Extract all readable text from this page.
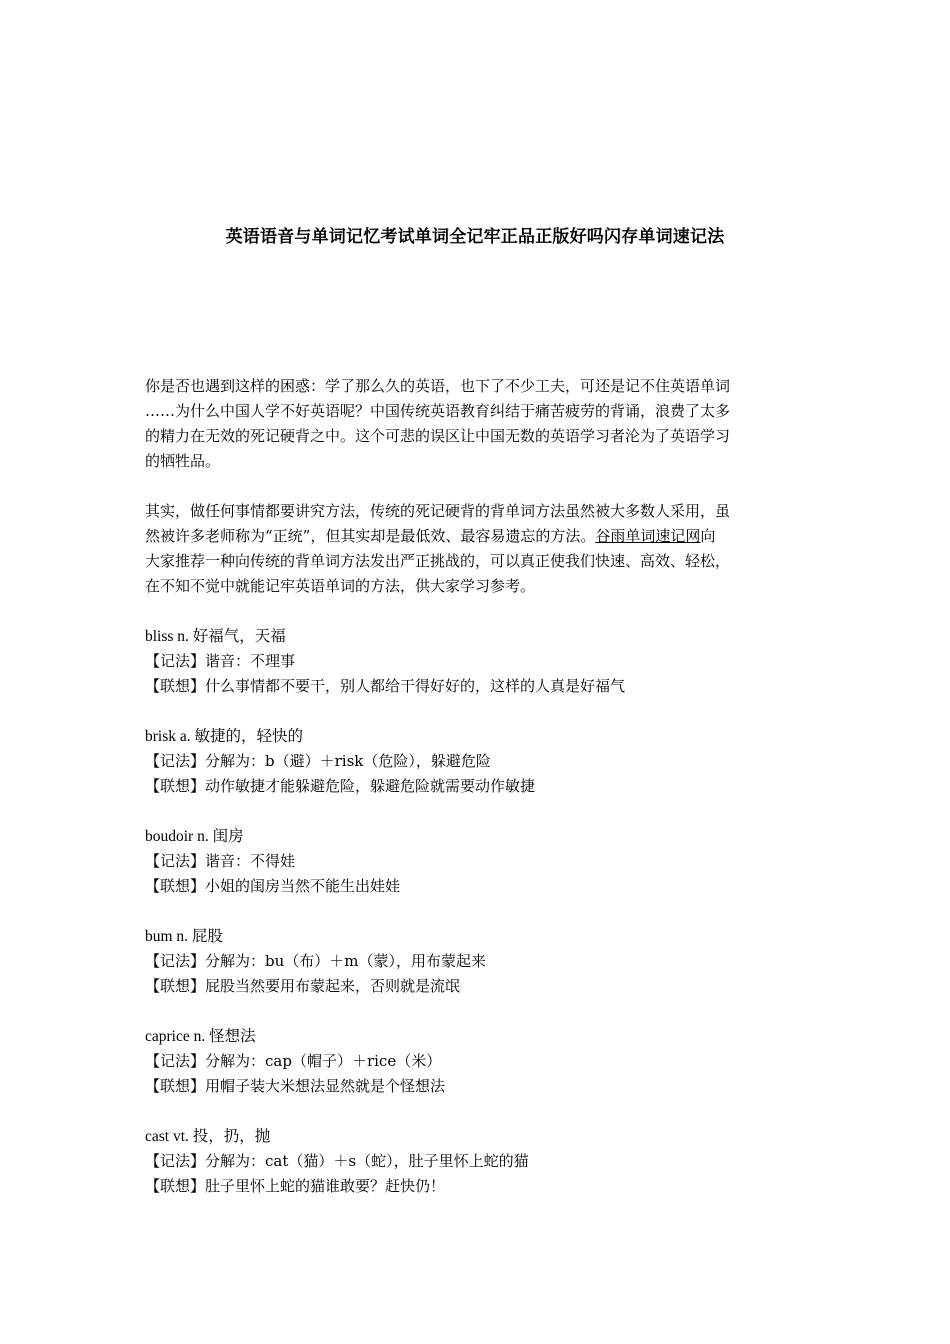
英语语音与单词记忆考试单词全记牢正品正版好吗闪存单词速记法
你是否也遇到这样的困惑：学了那么久的英语，也下了不少工夫，可还是记不住英语单词
……为什么中国人学不好英语呢？中国传统英语教育纠结于痛苦疲劳的背诵，浪费了太多
的精力在无效的死记硬背之中。这个可悲的误区让中国无数的英语学习者沦为了英语学习
的牺牲品。
其实，做任何事情都要讲究方法，传统的死记硬背的背单词方法虽然被大多数人采用，虽
然被许多老师称为“正统”，但其实却是最低效、最容易遗忘的方法。谷雨单词速记网向
大家推荐一种向传统的背单词方法发出严正挑战的，可以真正使我们快速、高效、轻松，
在不知不觉中就能记牢英语单词的方法，供大家学习参考。
bliss n. 好福气，天福
【记法】谐音：不理事
【联想】什么事情都不要干，别人都给干得好好的，这样的人真是好福气
brisk a. 敏捷的，轻快的
【记法】分解为：b（避）＋risk（危险），躲避危险
【联想】动作敏捷才能躲避危险，躲避危险就需要动作敏捷
boudoir n. 闺房
【记法】谐音：不得娃
【联想】小姐的闺房当然不能生出娃娃
bum n. 屁股
【记法】分解为：bu（布）＋m（蒙），用布蒙起来
【联想】屁股当然要用布蒙起来，否则就是流氓
caprice n. 怪想法
【记法】分解为：cap（帽子）＋rice（米）
【联想】用帽子装大米想法显然就是个怪想法
cast vt. 投，扔，抛
【记法】分解为：cat（猫）＋s（蛇），肚子里怀上蛇的猫
【联想】肚子里怀上蛇的猫谁敢要？赶快仍！
